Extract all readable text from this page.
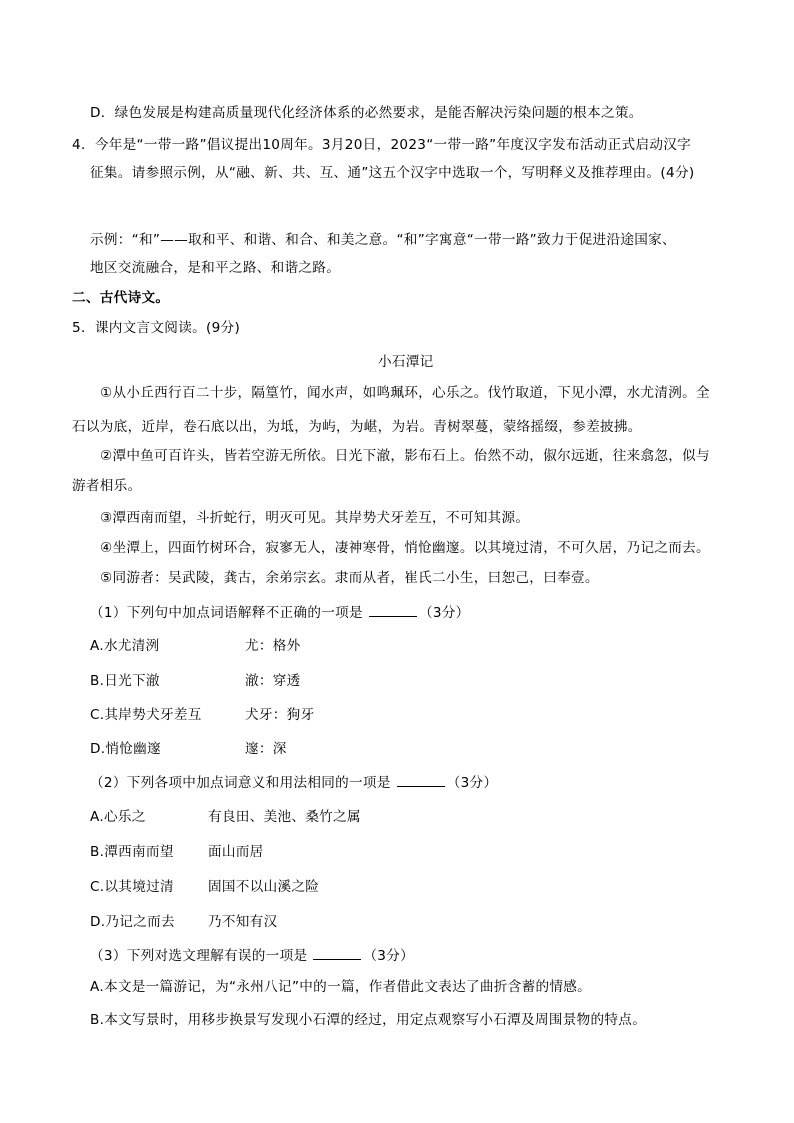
D．绿色发展是构建高质量现代化经济体系的必然要求，是能否解决污染问题的根本之策。
4．今年是“一带一路”倡议提出10周年。3月20日，2023“一带一路”年度汉字发布活动正式启动汉字
征集。请参照示例，从“融、新、共、互、通”这五个汉字中选取一个，写明释义及推荐理由。(4分)
示例：“和”——取和平、和谐、和合、和美之意。“和”字寓意“一带一路”致力于促进沿途国家、
地区交流融合，是和平之路、和谐之路。
二、古代诗文。
5．课内文言文阅读。(9分)
小石潭记
①从小丘西行百二十步，隔篁竹，闻水声，如鸣珮环，心乐之。伐竹取道，下见小潭，水尤清洌。全
石以为底，近岸，卷石底以出，为坻，为屿，为嵁，为岩。青树翠蔓，蒙络摇缀，参差披拂。
②潭中鱼可百许头，皆若空游无所依。日光下澈，影布石上。佁然不动，俶尔远逝，往来翕忽，似与
游者相乐。
③潭西南而望，斗折蛇行，明灭可见。其岸势犬牙差互，不可知其源。
④坐潭上，四面竹树环合，寂寥无人，凄神寒骨，悄怆幽邃。以其境过清，不可久居，乃记之而去。
⑤同游者：吴武陵，龚古，余弟宗玄。隶而从者，崔氏二小生，曰恕己，曰奉壹。
（1）下列句中加点词语解释不正确的一项是	（3分）
A.水尤清洌	尤：格外
B.日光下澈	澈：穿透
C.其岸势犬牙差互	犬牙：狗牙
D.悄怆幽邃	邃：深
（2）下列各项中加点词意义和用法相同的一项是	（3分）
A.心乐之	有良田、美池、桑竹之属
B.潭西南而望	面山而居
C.以其境过清	固国不以山溪之险
D.乃记之而去 乃不知有汉
（3）下列对选文理解有误的一项是	（3分）
A.本文是一篇游记，为“永州八记”中的一篇，作者借此文表达了曲折含蓄的情感。
B.本文写景时，用移步换景写发现小石潭的经过，用定点观察写小石潭及周围景物的特点。
